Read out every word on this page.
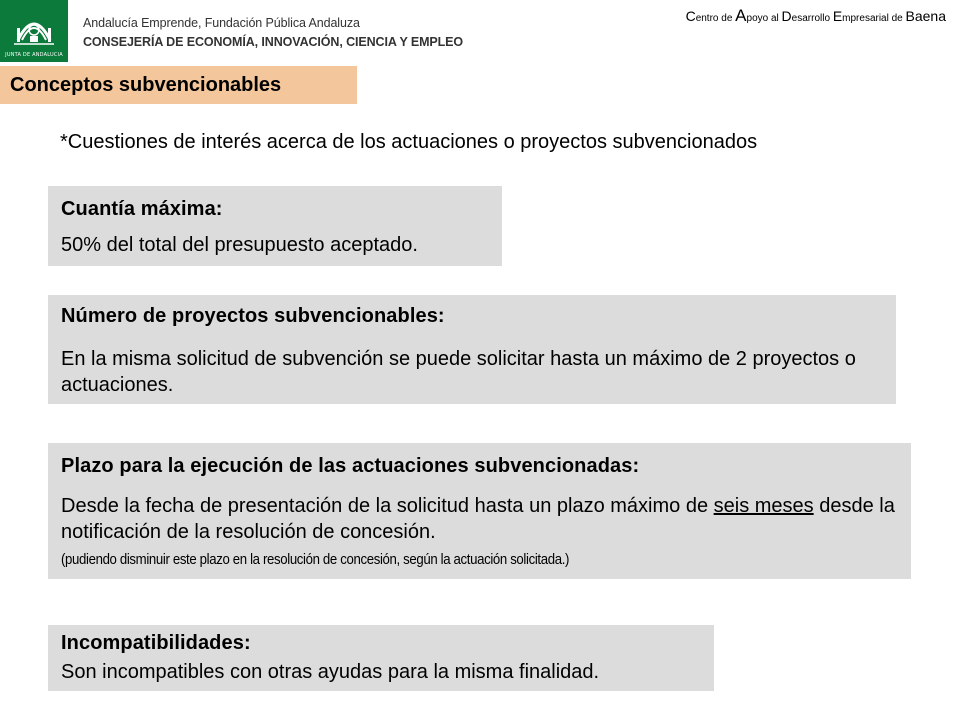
JUNTA DE ANDALUCIA
Andalucía Emprende, Fundación Pública Andaluza
CONSEJERÍA DE ECONOMÍA, INNOVACIÓN, CIENCIA Y EMPLEO
Centro de Apoyo al Desarrollo Empresarial de Baena
Conceptos subvencionables
*Cuestiones de interés acerca de los actuaciones o proyectos subvencionados
Cuantía máxima:
50% del total del presupuesto aceptado.
Número de proyectos subvencionables:
En la misma solicitud de subvención se puede solicitar hasta un máximo de 2 proyectos o actuaciones.
Plazo para la ejecución de las actuaciones subvencionadas:
Desde la fecha de presentación de la solicitud hasta un plazo máximo de seis meses desde la notificación de la resolución de concesión.
(pudiendo disminuir este plazo en la resolución de concesión, según la actuación solicitada.)
Incompatibilidades:
Son incompatibles con otras ayudas para la misma finalidad.
